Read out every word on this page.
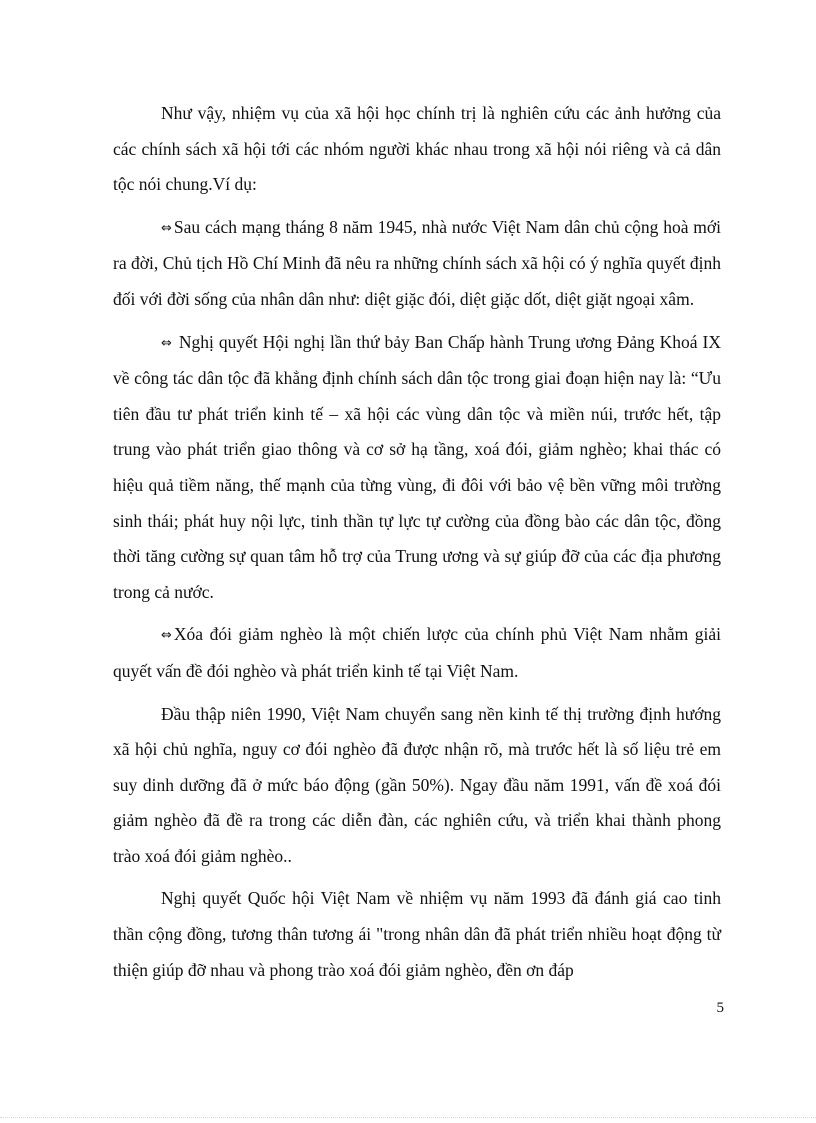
Như vậy, nhiệm vụ của xã hội học chính trị là nghiên cứu các ảnh hưởng của các chính sách xã hội tới các nhóm người khác nhau trong xã hội nói riêng và cả dân tộc nói chung.Ví dụ:

⇔ Sau cách mạng tháng 8 năm 1945, nhà nước Việt Nam dân chủ cộng hoà mới ra đời, Chủ tịch Hồ Chí Minh đã nêu ra những chính sách xã hội có ý nghĩa quyết định đối với đời sống của nhân dân như: diệt giặc đói, diệt giặc dốt, diệt giặt ngoại xâm.

⇔ Nghị quyết Hội nghị lần thứ bảy Ban Chấp hành Trung ương Đảng Khoá IX về công tác dân tộc đã khẳng định chính sách dân tộc trong giai đoạn hiện nay là: “Ưu tiên đầu tư phát triển kinh tế – xã hội các vùng dân tộc và miền núi, trước hết, tập trung vào phát triển giao thông và cơ sở hạ tầng, xoá đói, giảm nghèo; khai thác có hiệu quả tiềm năng, thế mạnh của từng vùng, đi đôi với bảo vệ bền vững môi trường sinh thái; phát huy nội lực, tinh thần tự lực tự cường của đồng bào các dân tộc, đồng thời tăng cường sự quan tâm hỗ trợ của Trung ương và sự giúp đỡ của các địa phương trong cả nước.

⇔ Xóa đói giảm nghèo là một chiến lược của chính phủ Việt Nam nhằm giải quyết vấn đề đói nghèo và phát triển kinh tế tại Việt Nam.

Đầu thập niên 1990, Việt Nam chuyển sang nền kinh tế thị trường định hướng xã hội chủ nghĩa, nguy cơ đói nghèo đã được nhận rõ, mà trước hết là số liệu trẻ em suy dinh dưỡng đã ở mức báo động (gần 50%). Ngay đầu năm 1991, vấn đề xoá đói giảm nghèo đã đề ra trong các diễn đàn, các nghiên cứu, và triển khai thành phong trào xoá đói giảm nghèo..

Nghị quyết Quốc hội Việt Nam về nhiệm vụ năm 1993 đã đánh giá cao tinh thần cộng đồng, tương thân tương ái "trong nhân dân đã phát triển nhiều hoạt động từ thiện giúp đỡ nhau và phong trào xoá đói giảm nghèo, đền ơn đáp

5
